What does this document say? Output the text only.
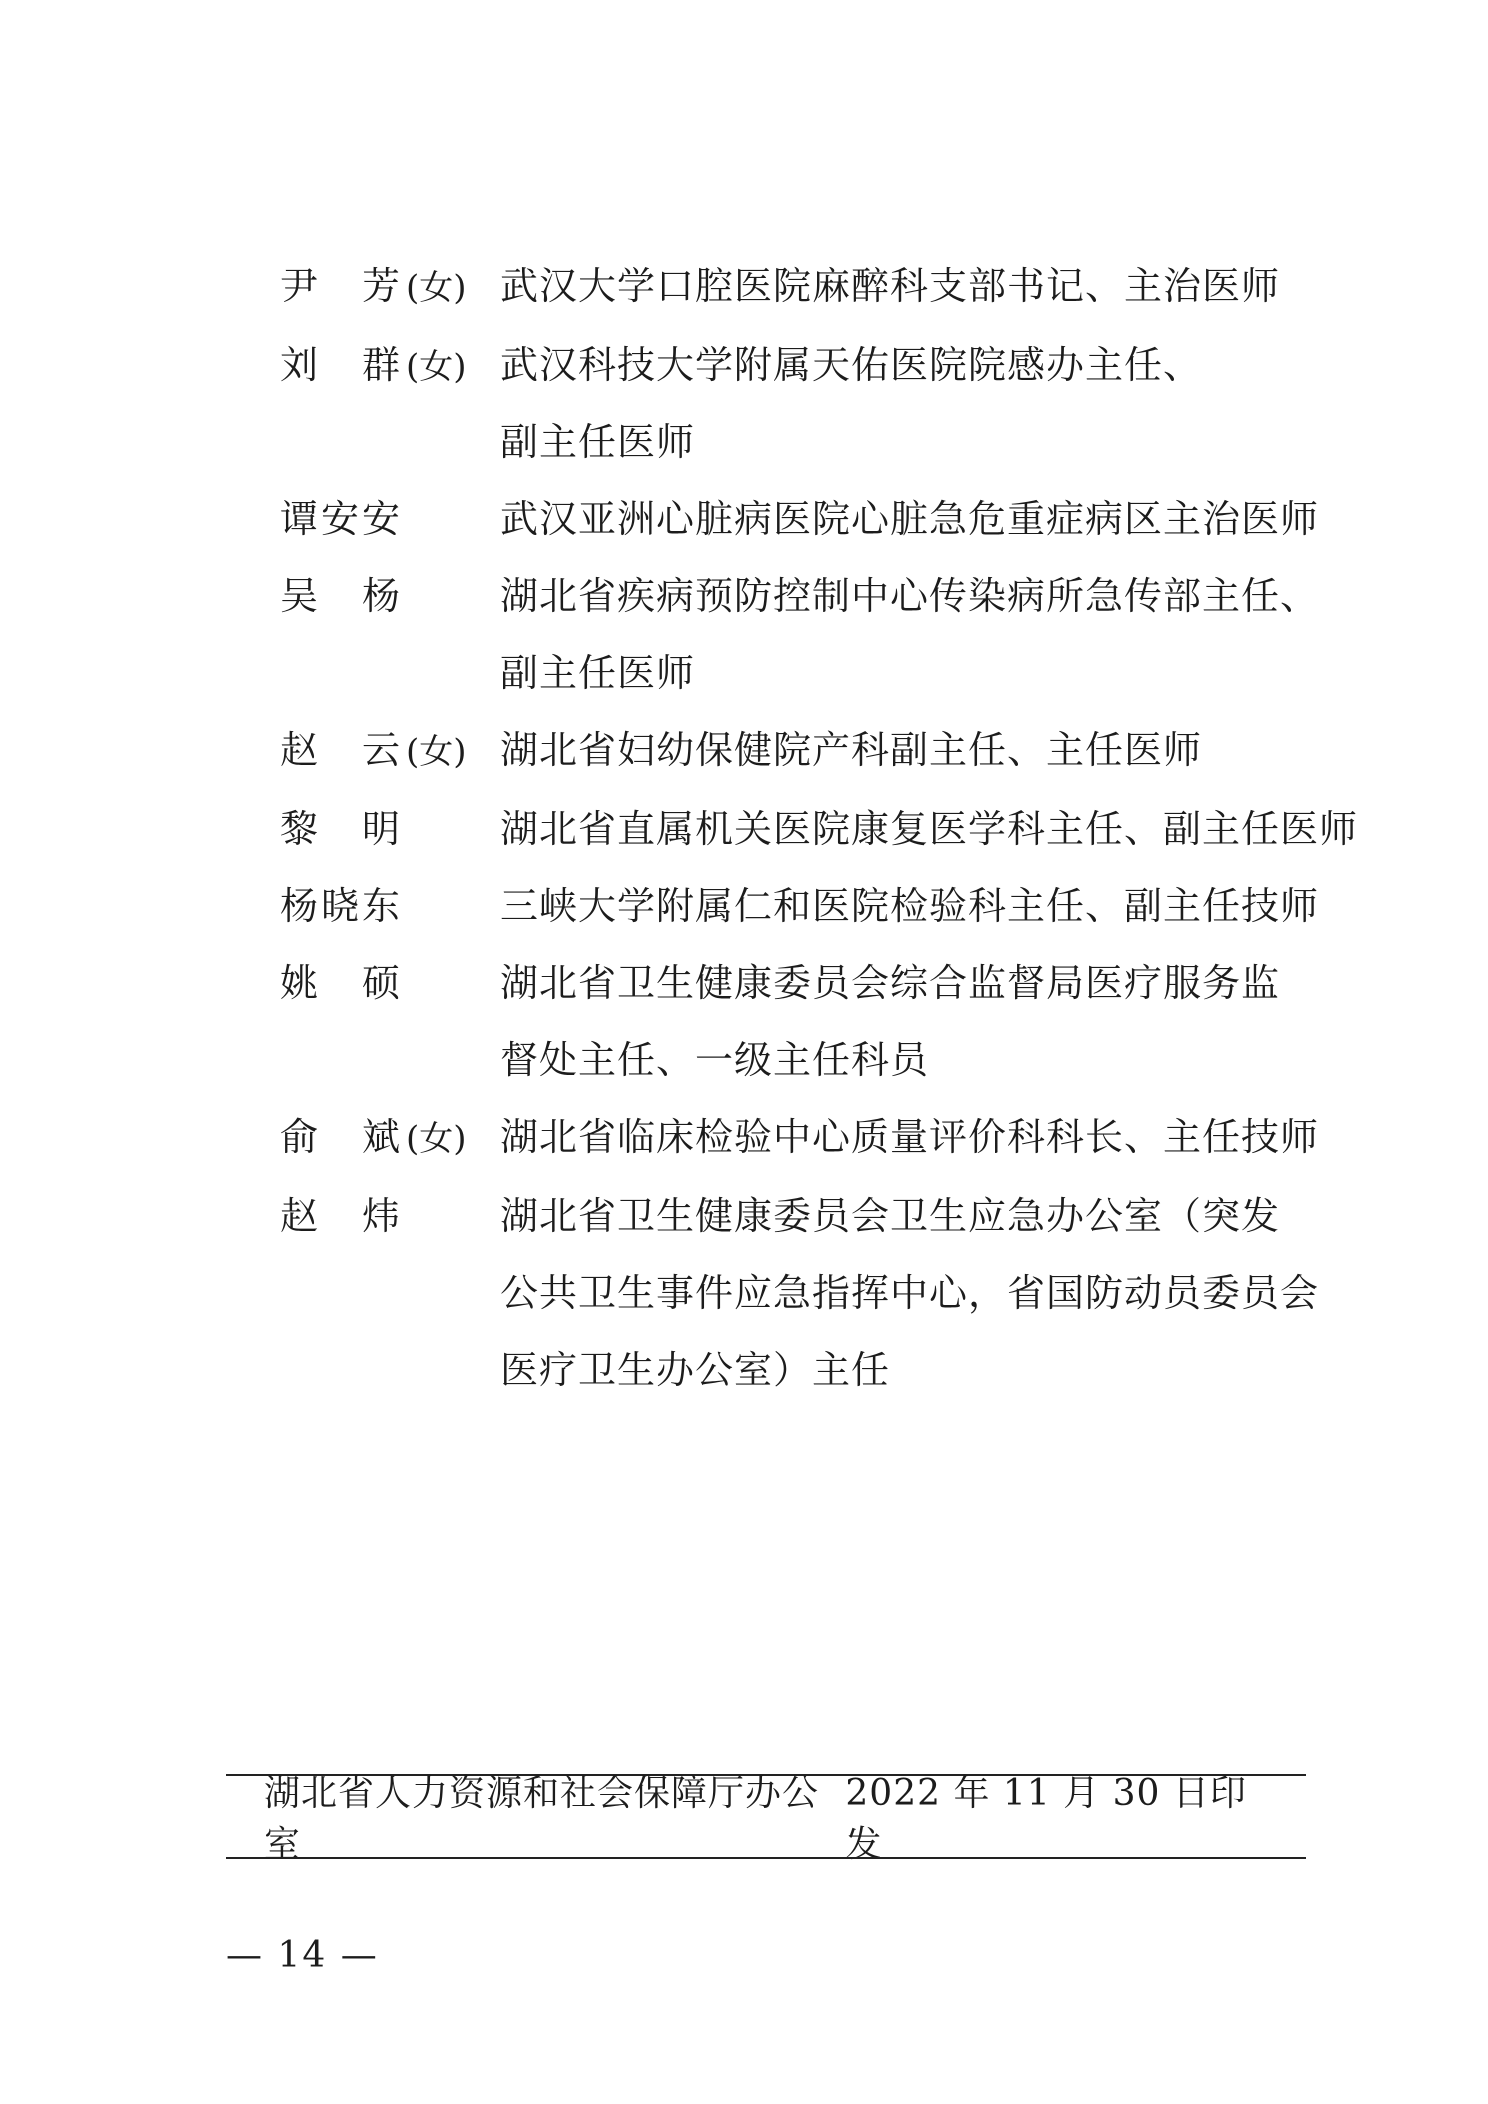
尹　芳 (女) 武汉大学口腔医院麻醉科支部书记、主治医师
刘　群 (女) 武汉科技大学附属天佑医院院感办主任、
副主任医师
谭安安	武汉亚洲心脏病医院心脏急危重症病区主治医师
吴　杨	湖北省疾病预防控制中心传染病所急传部主任、
副主任医师
赵　云 (女) 湖北省妇幼保健院产科副主任、主任医师
黎　明	湖北省直属机关医院康复医学科主任、副主任医师
杨晓东	三峡大学附属仁和医院检验科主任、副主任技师
姚　硕	湖北省卫生健康委员会综合监督局医疗服务监
督处主任、一级主任科员
俞　斌 (女) 湖北省临床检验中心质量评价科科长、主任技师
赵　炜	湖北省卫生健康委员会卫生应急办公室（突发
公共卫生事件应急指挥中心，省国防动员委员会
医疗卫生办公室）主任
湖北省人力资源和社会保障厅办公室
2022 年 11 月 30 日印发
— 14 —
